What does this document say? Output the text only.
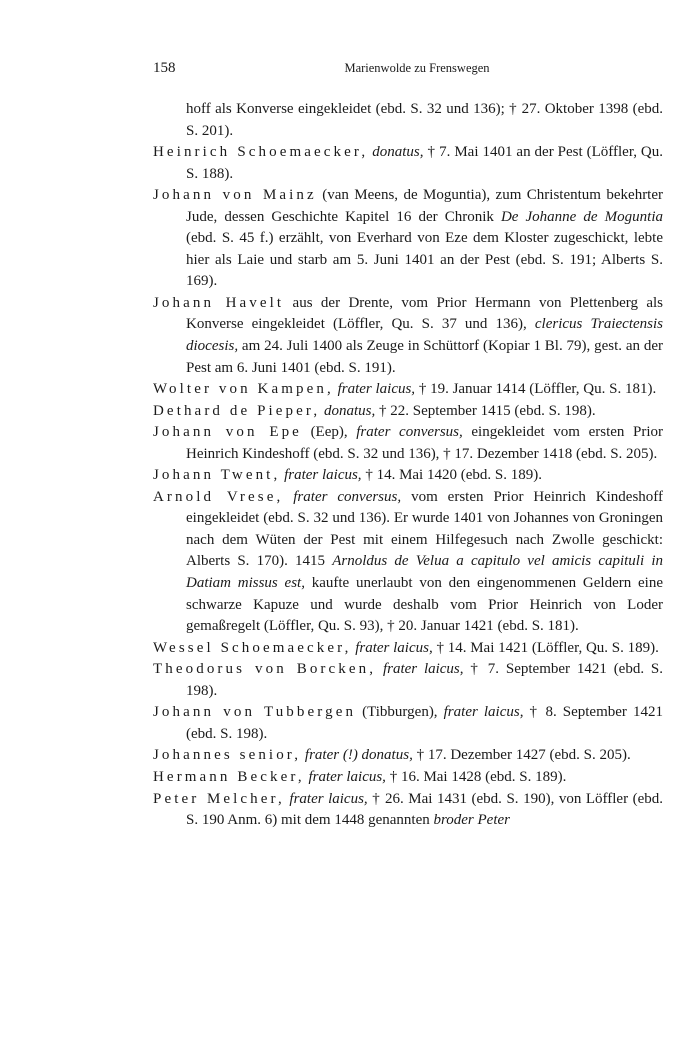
158	Marienwolde zu Frenswegen

hoff als Konverse eingekleidet (ebd. S. 32 und 136); † 27. Oktober 1398 (ebd. S. 201).

Heinrich Schoemaecker, donatus, † 7. Mai 1401 an der Pest (Löffler, Qu. S. 188).

Johann von Mainz (van Meens, de Moguntia), zum Christentum bekehrter Jude, dessen Geschichte Kapitel 16 der Chronik De Johanne de Moguntia (ebd. S. 45 f.) erzählt, von Everhard von Eze dem Kloster zugeschickt, lebte hier als Laie und starb am 5. Juni 1401 an der Pest (ebd. S. 191; Alberts S. 169).

Johann Havelt aus der Drente, vom Prior Hermann von Plettenberg als Konverse eingekleidet (Löffler, Qu. S. 37 und 136), clericus Traiectensis diocesis, am 24. Juli 1400 als Zeuge in Schüttorf (Kopiar 1 Bl. 79), gest. an der Pest am 6. Juni 1401 (ebd. S. 191).

Wolter von Kampen, frater laicus, † 19. Januar 1414 (Löffler, Qu. S. 181).

Dethard de Pieper, donatus, † 22. September 1415 (ebd. S. 198).

Johann von Epe (Eep), frater conversus, eingekleidet vom ersten Prior Heinrich Kindeshoff (ebd. S. 32 und 136), † 17. Dezember 1418 (ebd. S. 205).

Johann Twent, frater laicus, † 14. Mai 1420 (ebd. S. 189).

Arnold Vrese, frater conversus, vom ersten Prior Heinrich Kindeshoff eingekleidet (ebd. S. 32 und 136). Er wurde 1401 von Johannes von Groningen nach dem Wüten der Pest mit einem Hilfegesuch nach Zwolle geschickt: Alberts S. 170). 1415 Arnoldus de Velua a capitulo vel amicis capituli in Datiam missus est, kaufte unerlaubt von den eingenommenen Geldern eine schwarze Kapuze und wurde deshalb vom Prior Heinrich von Loder gemaßregelt (Löffler, Qu. S. 93), † 20. Januar 1421 (ebd. S. 181).

Wessel Schoemaecker, frater laicus, † 14. Mai 1421 (Löffler, Qu. S. 189).

Theodorus von Borcken, frater laicus, † 7. September 1421 (ebd. S. 198).

Johann von Tubbergen (Tibburgen), frater laicus, † 8. September 1421 (ebd. S. 198).

Johannes senior, frater (!) donatus, † 17. Dezember 1427 (ebd. S. 205).

Hermann Becker, frater laicus, † 16. Mai 1428 (ebd. S. 189).

Peter Melcher, frater laicus, † 26. Mai 1431 (ebd. S. 190), von Löffler (ebd. S. 190 Anm. 6) mit dem 1448 genannten broder Peter
